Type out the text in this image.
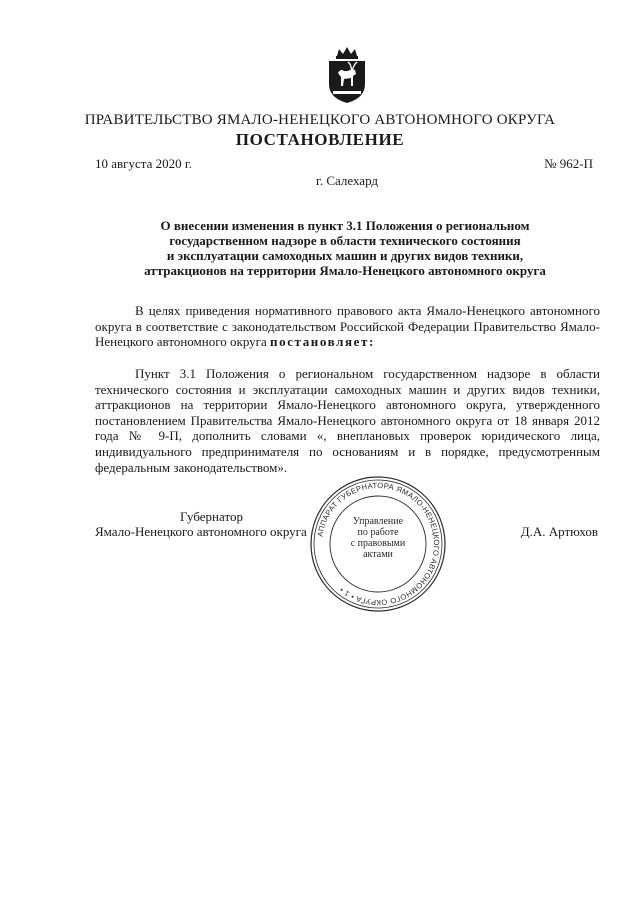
ПРАВИТЕЛЬСТВО ЯМАЛО-НЕНЕЦКОГО АВТОНОМНОГО ОКРУГА
ПОСТАНОВЛЕНИЕ
10 августа 2020 г.	№ 962-П
г. Салехард
О внесении изменения в пункт 3.1 Положения о региональном
государственном надзоре в области технического состояния
и эксплуатации самоходных машин и других видов техники,
аттракционов на территории Ямало-Ненецкого автономного округа
В целях приведения нормативного правового акта Ямало-Ненецкого автономного округа в соответствие с законодательством Российской Федерации Правительство Ямало-Ненецкого автономного округа постановляет:
Пункт 3.1 Положения о региональном государственном надзоре в области технического состояния и эксплуатации самоходных машин и других видов техники, аттракционов на территории Ямало-Ненецкого автономного округа, утвержденного постановлением Правительства Ямало-Ненецкого автономного округа от 18 января 2012 года № 9-П, дополнить словами «, внеплановых проверок юридического лица, индивидуального предпринимателя по основаниям и в порядке, предусмотренным федеральным законодательством».
Губернатор
Ямало-Ненецкого автономного округа	Д.А. Артюхов
АППАРАТ ГУБЕРНАТОРА ЯМАЛО-НЕНЕЦКОГО АВТОНОМНОГО ОКРУГА • 1 •
Управление
по работе
с правовыми
актами
